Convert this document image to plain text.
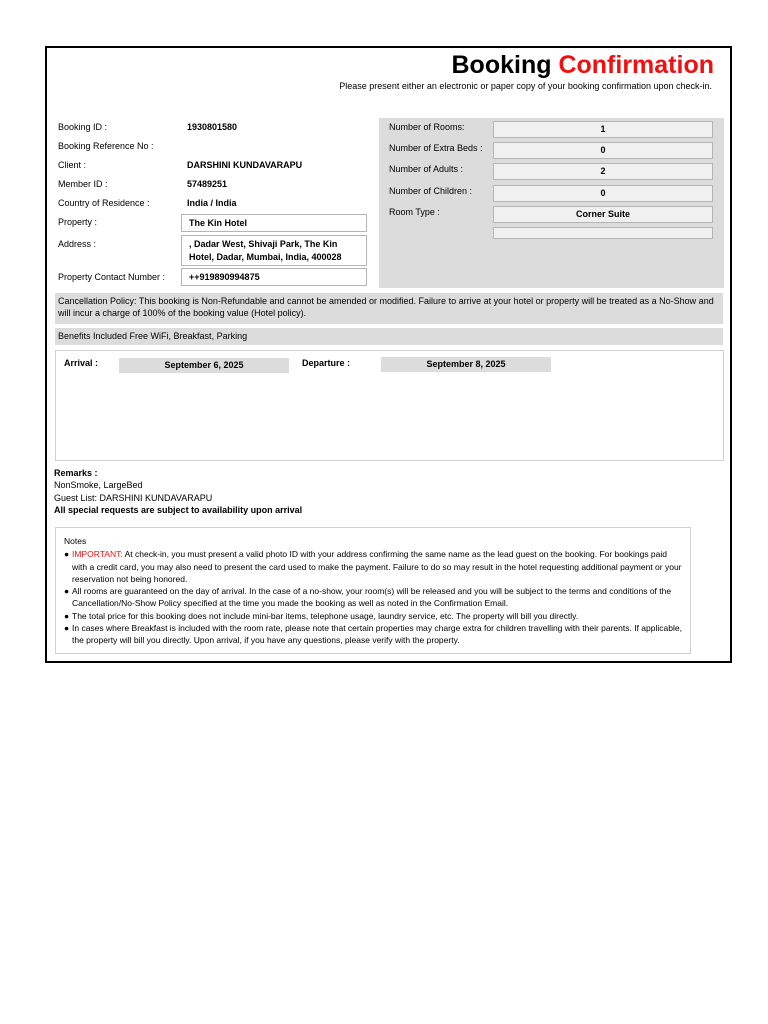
Booking Confirmation
Please present either an electronic or paper copy of your booking confirmation upon check-in.
Booking ID :	1930801580
Booking Reference No :
Client :	DARSHINI KUNDAVARAPU
Member ID :	57489251
Country of Residence :	India / India
Property :	The Kin Hotel
Address :	, Dadar West, Shivaji Park, The Kin Hotel, Dadar, Mumbai, India, 400028
Property Contact Number :	++919890994875
Number of Rooms:	1
Number of Extra Beds :	0
Number of Adults :	2
Number of Children :	0
Room Type :	Corner Suite
Cancellation Policy: This booking is Non-Refundable and cannot be amended or modified. Failure to arrive at your hotel or property will be treated as a No-Show and will incur a charge of 100% of the booking value (Hotel policy).
Benefits Included Free WiFi, Breakfast, Parking
Arrival :	September 6, 2025	Departure :	September 8, 2025
Remarks :
NonSmoke, LargeBed
Guest List: DARSHINI KUNDAVARAPU
All special requests are subject to availability upon arrival
Notes
● IMPORTANT: At check-in, you must present a valid photo ID with your address confirming the same name as the lead guest on the booking. For bookings paid with a credit card, you may also need to present the card used to make the payment. Failure to do so may result in the hotel requesting additional payment or your reservation not being honored.
● All rooms are guaranteed on the day of arrival. In the case of a no-show, your room(s) will be released and you will be subject to the terms and conditions of the Cancellation/No-Show Policy specified at the time you made the booking as well as noted in the Confirmation Email.
● The total price for this booking does not include mini-bar items, telephone usage, laundry service, etc. The property will bill you directly.
● In cases where Breakfast is included with the room rate, please note that certain properties may charge extra for children travelling with their parents. If applicable, the property will bill you directly. Upon arrival, if you have any questions, please verify with the property.
